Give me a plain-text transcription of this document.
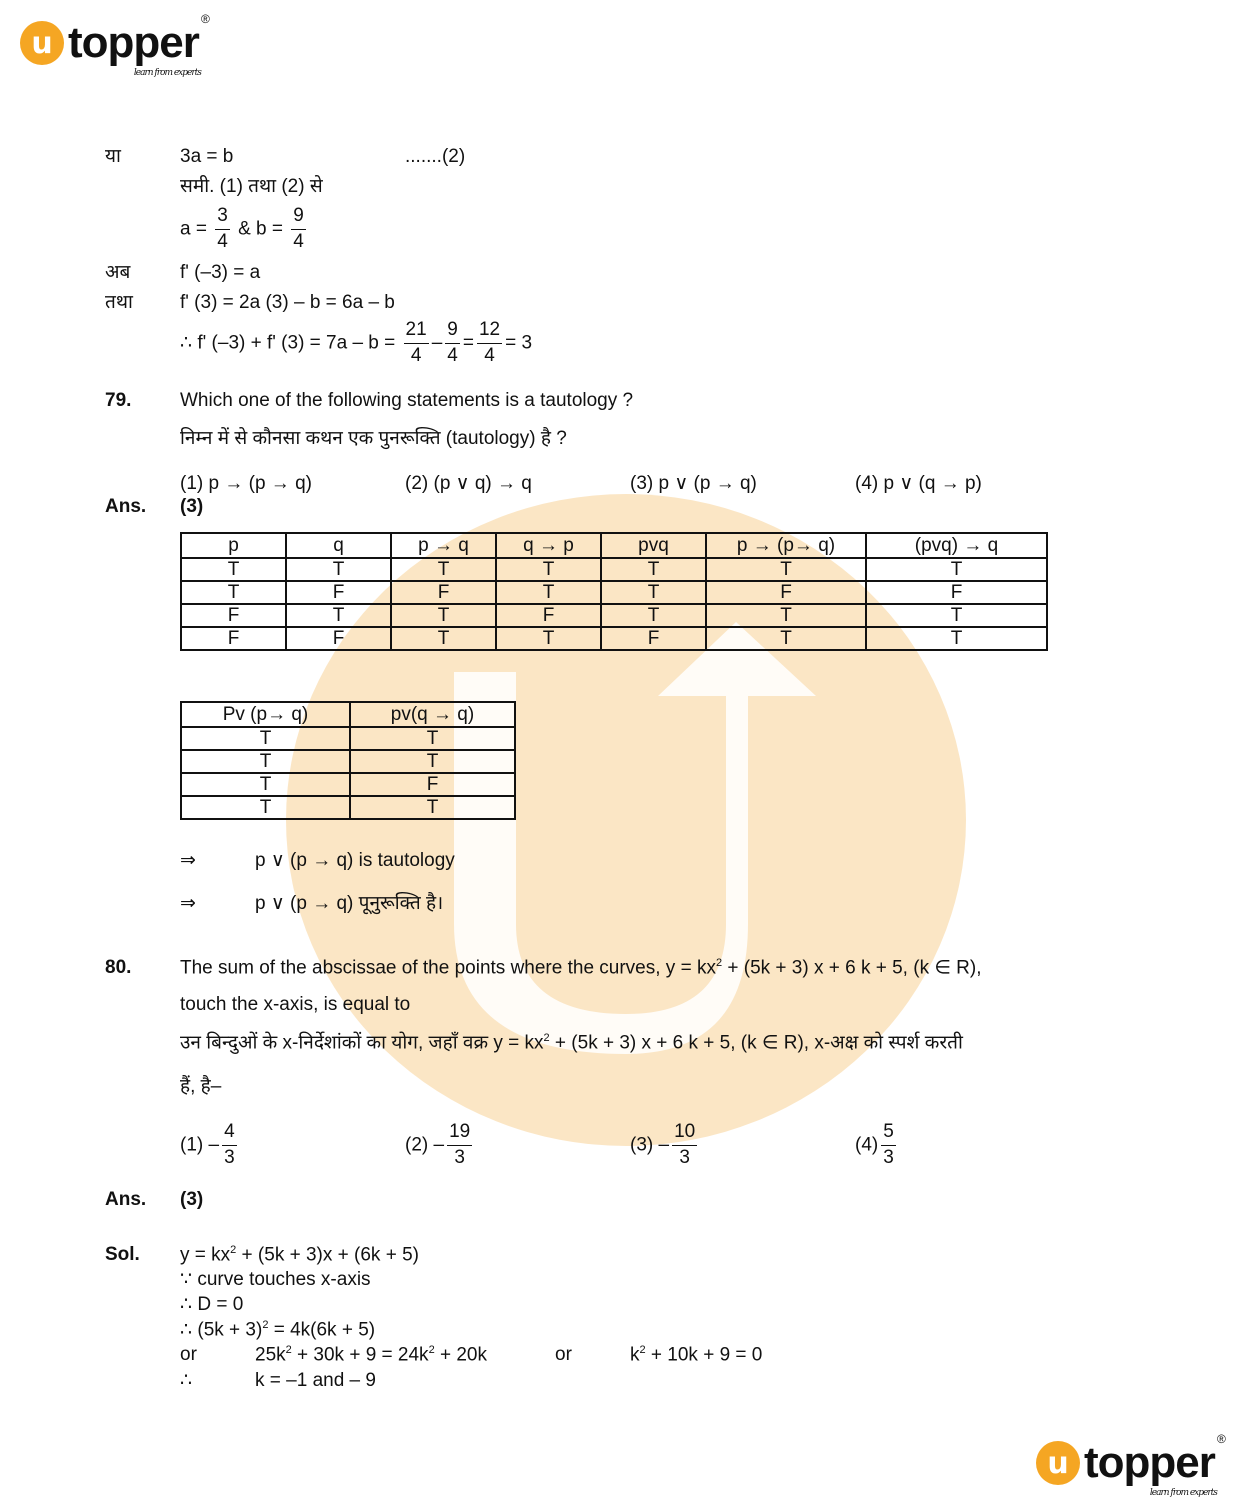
u topper ®
learn from experts
या	3a = b	.......(2)
समी. (1) तथा (2) से
$a = \frac{3}{4}$ & $b = \frac{9}{4}$
अब	f' (–3) = a
तथा f' (3) = 2a (3) – b = 6a – b
∴ f' (–3) + f' $(3) = 7a - b = \frac{21}{4} - \frac{9}{4} = \frac{12}{4} = 3$
79.	Which one of the following statements is a tautology ?
निम्न में से कौनसा कथन एक पुनरूक्ति (tautology) है ?
(1) p → (p → q)	(2) (p ∨ q) → q	(3) p ∨ (p → q)	(4) p ∨ (q → p)
Ans. (3)
p	q	p → q	q → p	pvq	p → (p→ q)	(pvq) → q
T	T	T	T	T	T	T
T	F	F	T	T	F	F
F	T	T	F	T	T	T
F	F	T	T	F	T	T
Pv (p→ q)	pv(q → q)
T	T
T	T
T	F
T	T
⇒	p ∨ (p → q) is tautology
⇒	p ∨ (p → q) पूनुरूक्ति है।
80.	The sum of the abscissae of the points where the curves, $y = kx^2 + (5k + 3) x + 6$ k + 5, (k ∈ R),
touch the x-axis, is equal to
उन बिन्दुओं के x-निर्देशांकों का योग, जहाँ वक्र $y = kx^2 + (5k + 3) x + 6$ k + 5, (k ∈ R), x-अक्ष को स्पर्श करती
हैं, है–
$(1) - \frac{4}{3}$	$(2) - \frac{19}{3}$	$(3) - \frac{10}{3}$	$(4) \frac{5}{3}$
Ans. (3)
Sol. $y = kx^2 + (5k + 3)x + (6k + 5)$
∵ curve touches x-axis
∴ D = 0
∴ $(5k + 3)^2 = 4k(6k + 5)$
or	$25k^2 + 30k + 9 = 24k^2 + 20k$	or	$k^2 + 10k + 9 = 0$
∴	k = –1 and – 9
u topper ®
learn from experts
